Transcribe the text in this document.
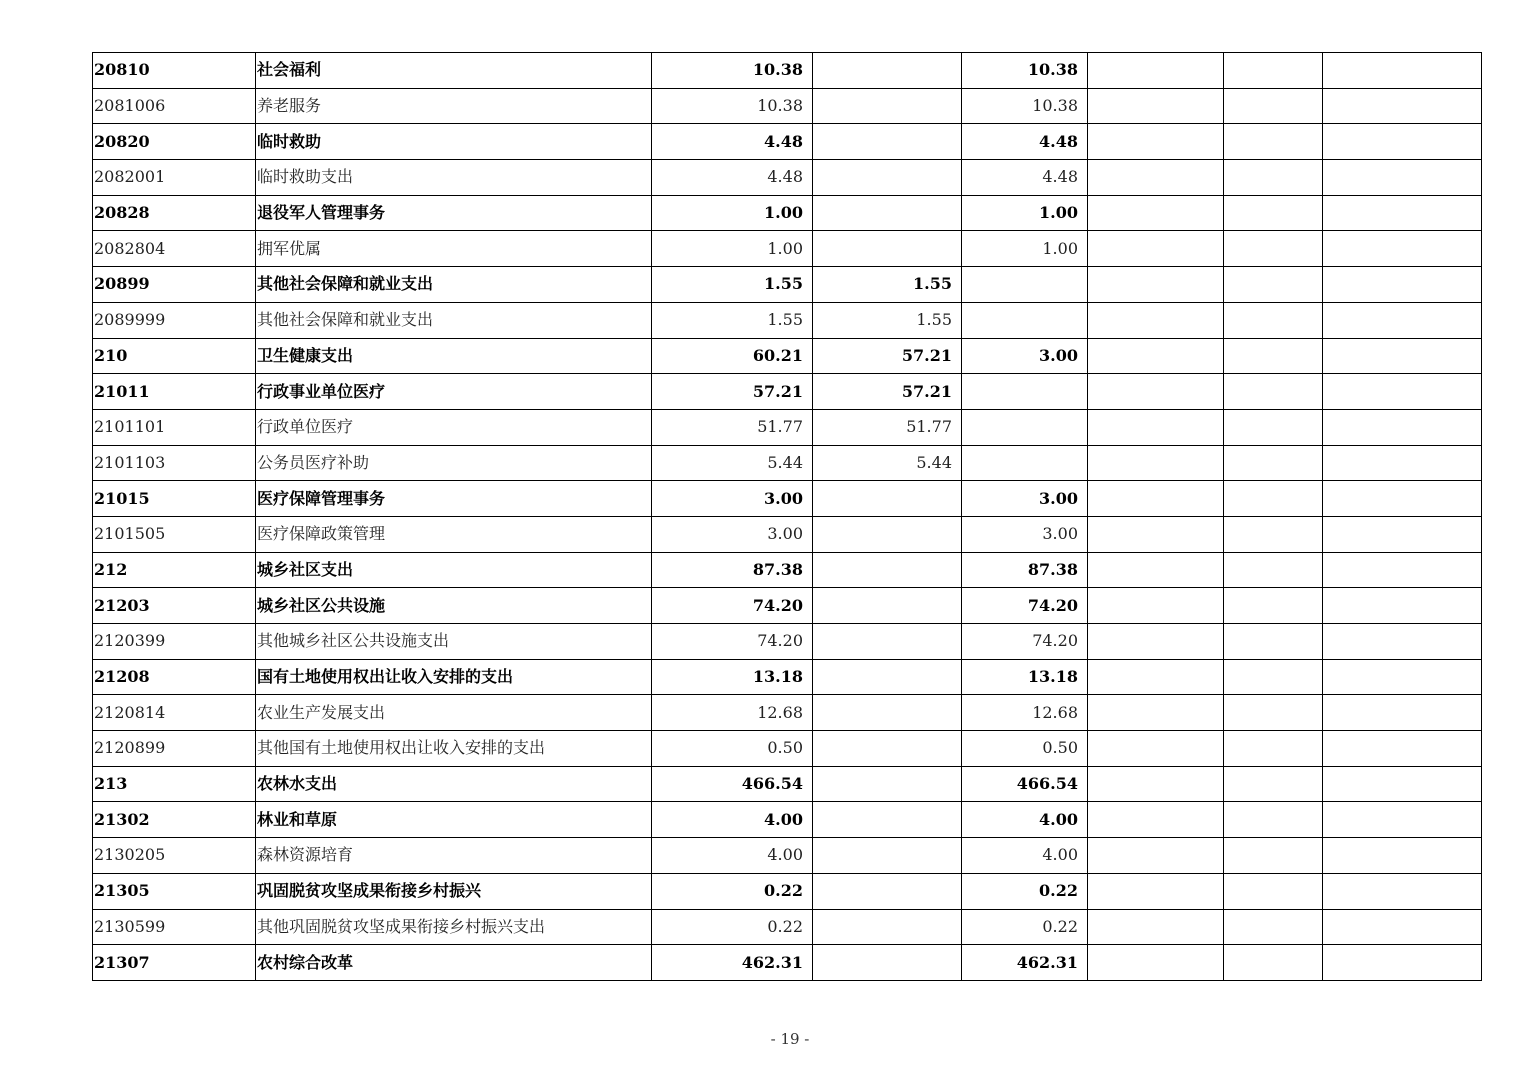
20810	社会福利	10.38		10.38			
2081006	养老服务	10.38		10.38			
20820	临时救助	4.48		4.48			
2082001	临时救助支出	4.48		4.48			
20828	退役军人管理事务	1.00		1.00			
2082804	拥军优属	1.00		1.00			
20899	其他社会保障和就业支出	1.55	1.55				
2089999	其他社会保障和就业支出	1.55	1.55				
210	卫生健康支出	60.21	57.21	3.00			
21011	行政事业单位医疗	57.21	57.21				
2101101	行政单位医疗	51.77	51.77				
2101103	公务员医疗补助	5.44	5.44				
21015	医疗保障管理事务	3.00		3.00			
2101505	医疗保障政策管理	3.00		3.00			
212	城乡社区支出	87.38		87.38			
21203	城乡社区公共设施	74.20		74.20			
2120399	其他城乡社区公共设施支出	74.20		74.20			
21208	国有土地使用权出让收入安排的支出	13.18		13.18			
2120814	农业生产发展支出	12.68		12.68			
2120899	其他国有土地使用权出让收入安排的支出	0.50		0.50			
213	农林水支出	466.54		466.54			
21302	林业和草原	4.00		4.00			
2130205	森林资源培育	4.00		4.00			
21305	巩固脱贫攻坚成果衔接乡村振兴	0.22		0.22			
2130599	其他巩固脱贫攻坚成果衔接乡村振兴支出	0.22		0.22			
21307	农村综合改革	462.31		462.31			
- 19 -
